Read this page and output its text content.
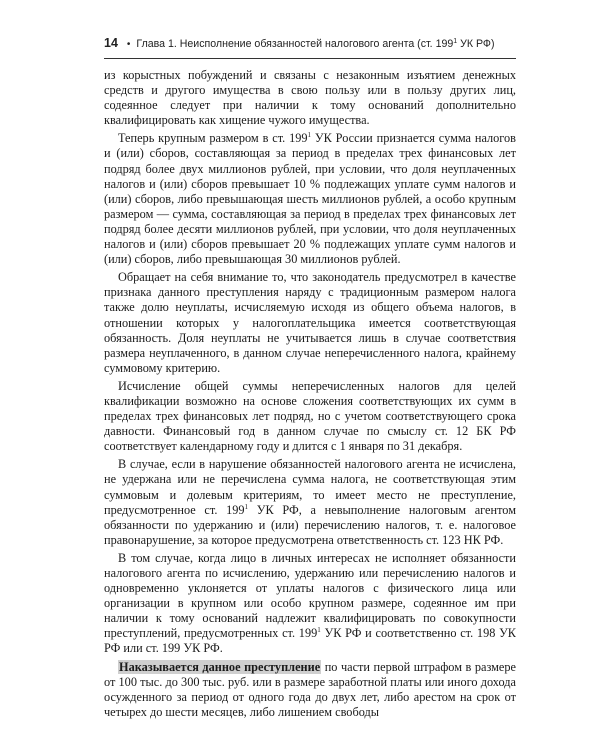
14 • Глава 1. Неисполнение обязанностей налогового агента (ст. $199^1$ УК РФ)

из корыстных побуждений и связаны с незаконным изъятием денежных средств и другого имущества в свою пользу или в пользу других лиц, содеянное следует при наличии к тому оснований дополнительно квалифицировать как хищение чужого имущества.

Теперь крупным размером в ст. $199^1$ УК России признается сумма налогов и (или) сборов, составляющая за период в пределах трех финансовых лет подряд более двух миллионов рублей, при условии, что доля неуплаченных налогов и (или) сборов превышает 10 % подлежащих уплате сумм налогов и (или) сборов, либо превышающая шесть миллионов рублей, а особо крупным размером — сумма, составляющая за период в пределах трех финансовых лет подряд более десяти миллионов рублей, при условии, что доля неуплаченных налогов и (или) сборов превышает 20 % подлежащих уплате сумм налогов и (или) сборов, либо превышающая 30 миллионов рублей.

Обращает на себя внимание то, что законодатель предусмотрел в качестве признака данного преступления наряду с традиционным размером налога также долю неуплаты, исчисляемую исходя из общего объема налогов, в отношении которых у налогоплательщика имеется соответствующая обязанность. Доля неуплаты не учитывается лишь в случае соответствия размера неуплаченного, в данном случае неперечисленного налога, крайнему суммовому критерию.

Исчисление общей суммы неперечисленных налогов для целей квалификации возможно на основе сложения соответствующих их сумм в пределах трех финансовых лет подряд, но с учетом соответствующего срока давности. Финансовый год в данном случае по смыслу ст. 12 БК РФ соответствует календарному году и длится с 1 января по 31 декабря.

В случае, если в нарушение обязанностей налогового агента не исчислена, не удержана или не перечислена сумма налога, не соответствующая этим суммовым и долевым критериям, то имеет место не преступление, предусмотренное ст. $199^1$ УК РФ, а невыполнение налоговым агентом обязанности по удержанию и (или) перечислению налогов, т. е. налоговое правонарушение, за которое предусмотрена ответственность ст. 123 НК РФ.

В том случае, когда лицо в личных интересах не исполняет обязанности налогового агента по исчислению, удержанию или перечислению налогов и одновременно уклоняется от уплаты налогов с физического лица или организации в крупном или особо крупном размере, содеянное им при наличии к тому оснований надлежит квалифицировать по совокупности преступлений, предусмотренных ст. $199^1$ УК РФ и соответственно ст. 198 УК РФ или ст. 199 УК РФ.

Наказывается данное преступление по части первой штрафом в размере от 100 тыс. до 300 тыс. руб. или в размере заработной платы или иного дохода осужденного за период от одного года до двух лет, либо арестом на срок от четырех до шести месяцев, либо лишением свободы
